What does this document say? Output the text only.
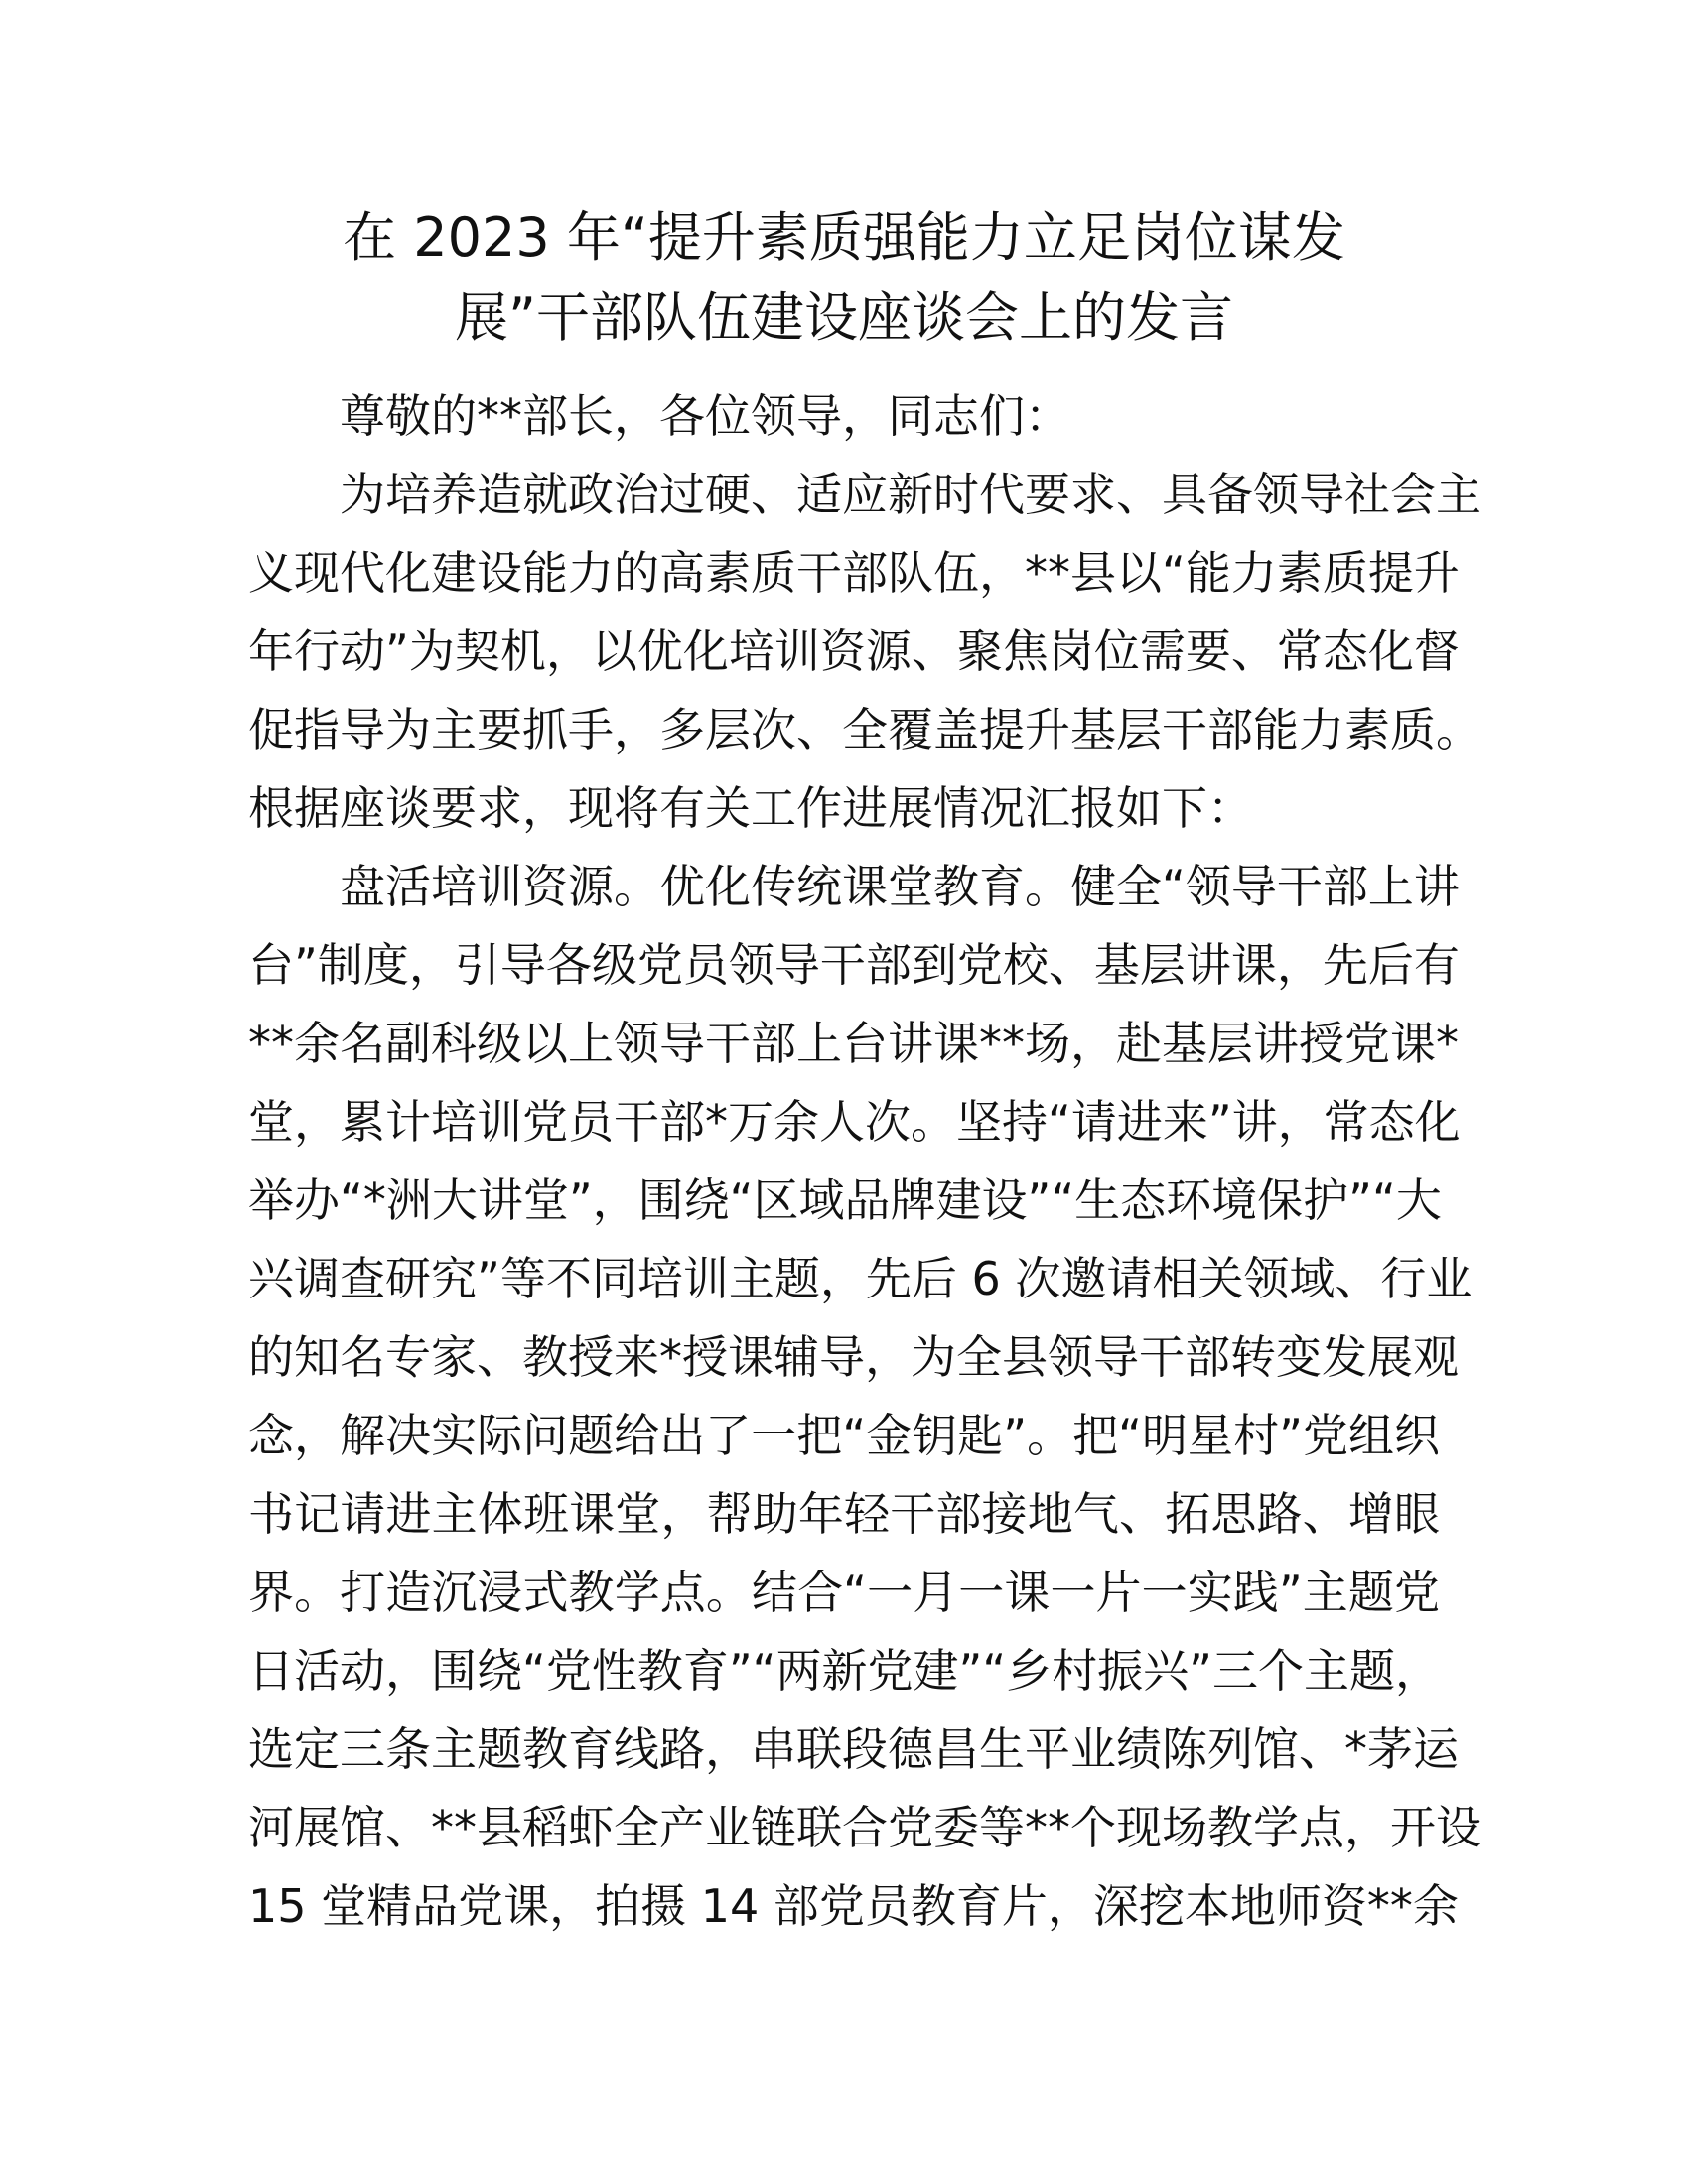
在 2023 年“提升素质强能力立足岗位谋发
展”干部队伍建设座谈会上的发言

尊敬的**部长，各位领导，同志们：

为培养造就政治过硬、适应新时代要求、具备领导社会主
义现代化建设能力的高素质干部队伍，**县以“能力素质提升
年行动”为契机，以优化培训资源、聚焦岗位需要、常态化督
促指导为主要抓手，多层次、全覆盖提升基层干部能力素质。
根据座谈要求，现将有关工作进展情况汇报如下：

盘活培训资源。优化传统课堂教育。健全“领导干部上讲
台”制度，引导各级党员领导干部到党校、基层讲课，先后有
**余名副科级以上领导干部上台讲课**场，赴基层讲授党课*
堂，累计培训党员干部*万余人次。坚持“请进来”讲，常态化
举办“*洲大讲堂”，围绕“区域品牌建设”“生态环境保护”“大
兴调查研究”等不同培训主题，先后 6 次邀请相关领域、行业
的知名专家、教授来*授课辅导，为全县领导干部转变发展观
念，解决实际问题给出了一把“金钥匙”。把“明星村”党组织
书记请进主体班课堂，帮助年轻干部接地气、拓思路、增眼
界。打造沉浸式教学点。结合“一月一课一片一实践”主题党
日活动，围绕“党性教育”“两新党建”“乡村振兴”三个主题，
选定三条主题教育线路，串联段德昌生平业绩陈列馆、*茅运
河展馆、**县稻虾全产业链联合党委等**个现场教学点，开设
15 堂精品党课，拍摄 14 部党员教育片，深挖本地师资**余
